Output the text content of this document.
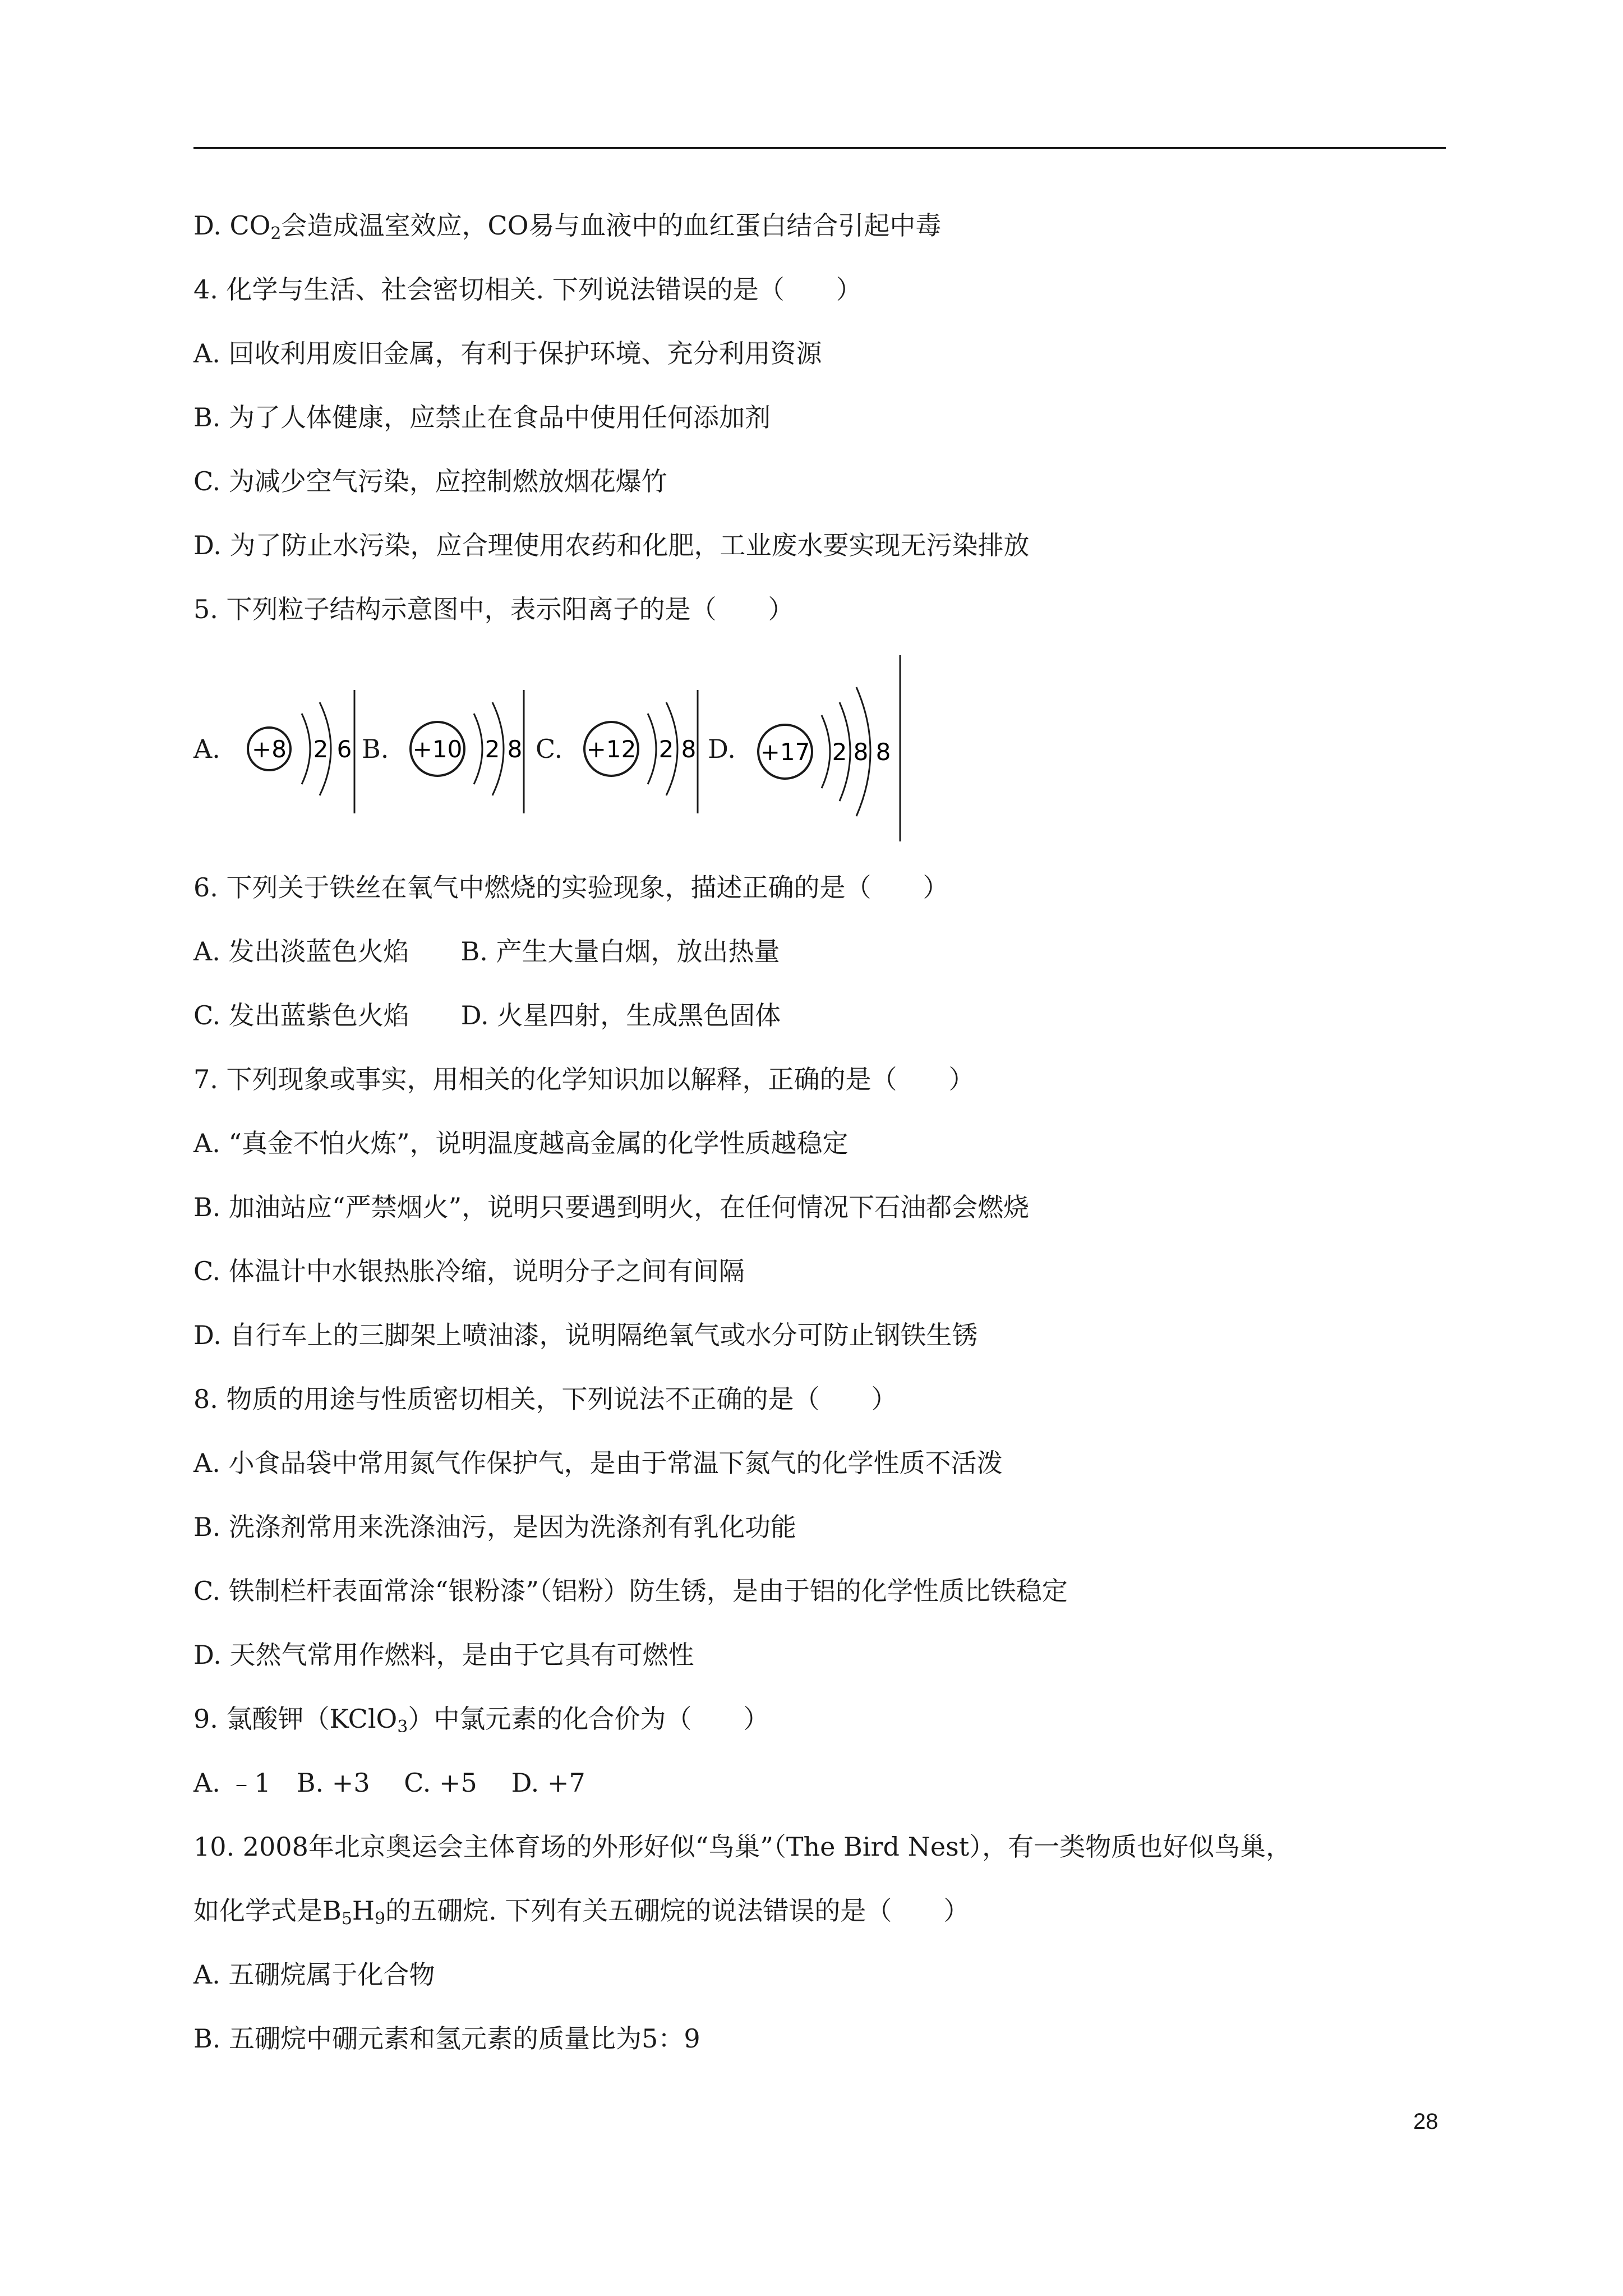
D. $CO_2$会造成温室效应，CO易与血液中的血红蛋白结合引起中毒
4. 化学与生活、社会密切相关. 下列说法错误的是（　　）
A. 回收利用废旧金属，有利于保护环境、充分利用资源
B. 为了人体健康，应禁止在食品中使用任何添加剂
C. 为减少空气污染，应控制燃放烟花爆竹
D. 为了防止水污染，应合理使用农药和化肥，工业废水要实现无污染排放
5. 下列粒子结构示意图中，表示阳离子的是（　　）
A. +8 2 6 B. +10 2 8 C. +12 2 8 D. +17 2 8 8
6. 下列关于铁丝在氧气中燃烧的实验现象，描述正确的是（　　）
A. 发出淡蓝色火焰　　B. 产生大量白烟，放出热量
C. 发出蓝紫色火焰　　D. 火星四射，生成黑色固体
7. 下列现象或事实，用相关的化学知识加以解释，正确的是（　　）
A. “真金不怕火炼”，说明温度越高金属的化学性质越稳定
B. 加油站应“严禁烟火”，说明只要遇到明火，在任何情况下石油都会燃烧
C. 体温计中水银热胀冷缩，说明分子之间有间隔
D. 自行车上的三脚架上喷油漆，说明隔绝氧气或水分可防止钢铁生锈
8. 物质的用途与性质密切相关，下列说法不正确的是（　　）
A. 小食品袋中常用氮气作保护气，是由于常温下氮气的化学性质不活泼
B. 洗涤剂常用来洗涤油污，是因为洗涤剂有乳化功能
C. 铁制栏杆表面常涂“银粉漆”（铝粉）防生锈，是由于铝的化学性质比铁稳定
D. 天然气常用作燃料，是由于它具有可燃性
9. 氯酸钾（KClO$_3$）中氯元素的化合价为（　　）
A. ﹣1　B. +3　 C. +5　 D. +7
10. 2008年北京奥运会主体育场的外形好似“鸟巢”（The Bird Nest），有一类物质也好似鸟巢，
如化学式是$B_5H_9$的五硼烷. 下列有关五硼烷的说法错误的是（　　）
A. 五硼烷属于化合物
B. 五硼烷中硼元素和氢元素的质量比为5：9
28
